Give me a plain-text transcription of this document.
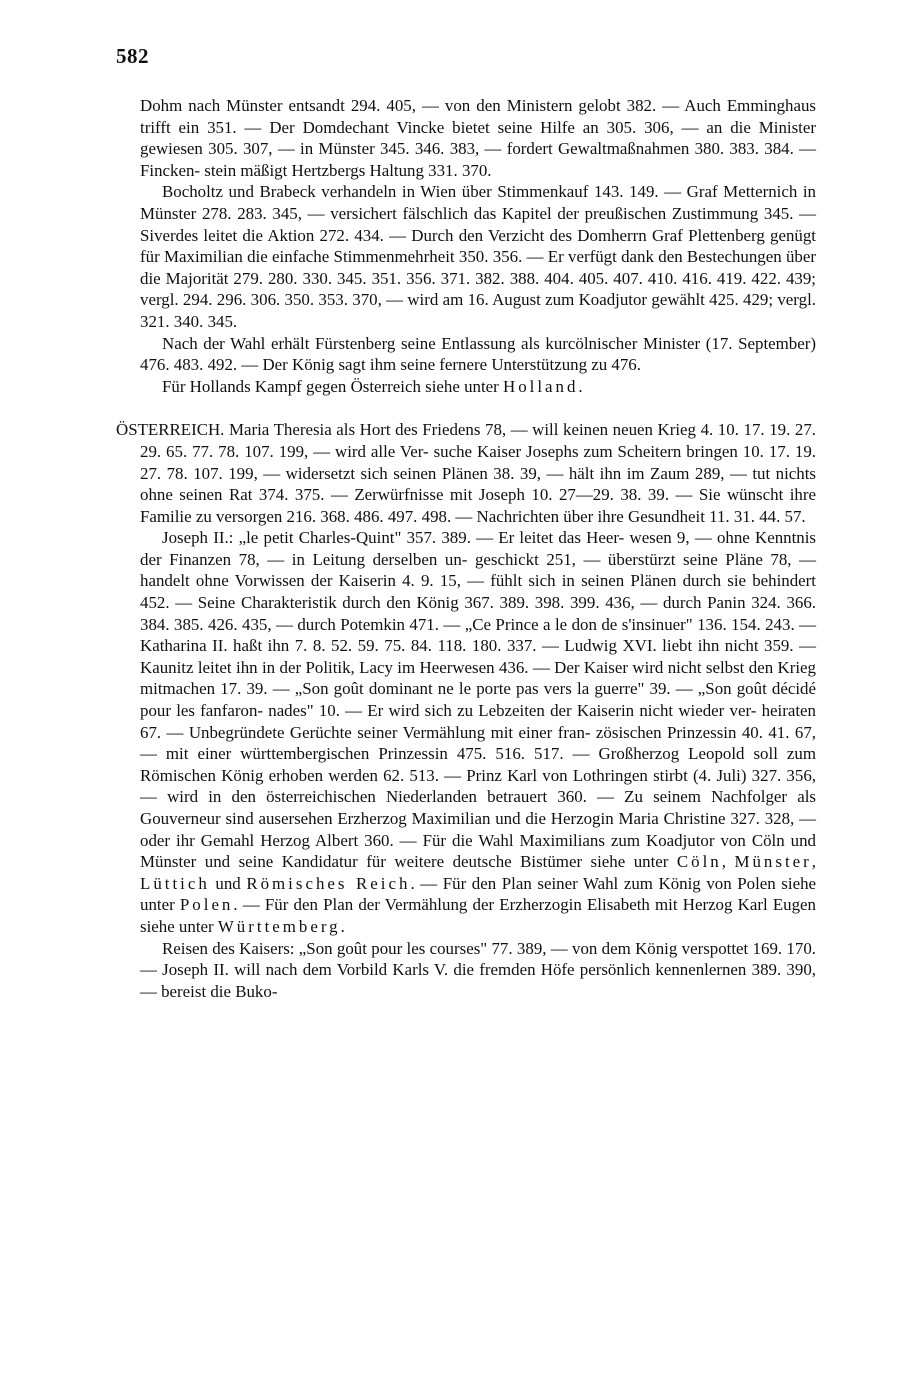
582

Dohm nach Münster entsandt 294. 405, — von den Ministern gelobt 382. — Auch Emminghaus trifft ein 351. — Der Domdechant Vincke bietet seine Hilfe an 305. 306, — an die Minister gewiesen 305. 307, — in Münster 345. 346. 383, — fordert Gewaltmaßnahmen 380. 383. 384. — Fincken- stein mäßigt Hertzbergs Haltung 331. 370.

Bocholtz und Brabeck verhandeln in Wien über Stimmenkauf 143. 149. — Graf Metternich in Münster 278. 283. 345, — versichert fälschlich das Kapitel der preußischen Zustimmung 345. — Siverdes leitet die Aktion 272. 434. — Durch den Verzicht des Domherrn Graf Plettenberg genügt für Maximilian die einfache Stimmenmehrheit 350. 356. — Er verfügt dank den Bestechungen über die Majorität 279. 280. 330. 345. 351. 356. 371. 382. 388. 404. 405. 407. 410. 416. 419. 422. 439; vergl. 294. 296. 306. 350. 353. 370, — wird am 16. August zum Koadjutor gewählt 425. 429; vergl. 321. 340. 345.

Nach der Wahl erhält Fürstenberg seine Entlassung als kurcölnischer Minister (17. September) 476. 483. 492. — Der König sagt ihm seine fernere Unterstützung zu 476.

Für Hollands Kampf gegen Österreich siehe unter Holland.

ÖSTERREICH. Maria Theresia als Hort des Friedens 78, — will keinen neuen Krieg 4. 10. 17. 19. 27. 29. 65. 77. 78. 107. 199, — wird alle Ver- suche Kaiser Josephs zum Scheitern bringen 10. 17. 19. 27. 78. 107. 199, — widersetzt sich seinen Plänen 38. 39, — hält ihn im Zaum 289, — tut nichts ohne seinen Rat 374. 375. — Zerwürfnisse mit Joseph 10. 27—29. 38. 39. — Sie wünscht ihre Familie zu versorgen 216. 368. 486. 497. 498. — Nachrichten über ihre Gesundheit 11. 31. 44. 57.

Joseph II.: „le petit Charles-Quint" 357. 389. — Er leitet das Heer- wesen 9, — ohne Kenntnis der Finanzen 78, — in Leitung derselben un- geschickt 251, — überstürzt seine Pläne 78, — handelt ohne Vorwissen der Kaiserin 4. 9. 15, — fühlt sich in seinen Plänen durch sie behindert 452. — Seine Charakteristik durch den König 367. 389. 398. 399. 436, — durch Panin 324. 366. 384. 385. 426. 435, — durch Potemkin 471. — „Ce Prince a le don de s'insinuer" 136. 154. 243. — Katharina II. haßt ihn 7. 8. 52. 59. 75. 84. 118. 180. 337. — Ludwig XVI. liebt ihn nicht 359. — Kaunitz leitet ihn in der Politik, Lacy im Heerwesen 436. — Der Kaiser wird nicht selbst den Krieg mitmachen 17. 39. — „Son goût dominant ne le porte pas vers la guerre" 39. — „Son goût décidé pour les fanfaron- nades" 10. — Er wird sich zu Lebzeiten der Kaiserin nicht wieder ver- heiraten 67. — Unbegründete Gerüchte seiner Vermählung mit einer fran- zösischen Prinzessin 40. 41. 67, — mit einer württembergischen Prinzessin 475. 516. 517. — Großherzog Leopold soll zum Römischen König erhoben werden 62. 513. — Prinz Karl von Lothringen stirbt (4. Juli) 327. 356, — wird in den österreichischen Niederlanden betrauert 360. — Zu seinem Nachfolger als Gouverneur sind ausersehen Erzherzog Maximilian und die Herzogin Maria Christine 327. 328, — oder ihr Gemahl Herzog Albert 360. — Für die Wahl Maximilians zum Koadjutor von Cöln und Münster und seine Kandidatur für weitere deutsche Bistümer siehe unter Cöln, Münster, Lüttich und Römisches Reich. — Für den Plan seiner Wahl zum König von Polen siehe unter Polen. — Für den Plan der Vermählung der Erzherzogin Elisabeth mit Herzog Karl Eugen siehe unter Württemberg.

Reisen des Kaisers: „Son goût pour les courses" 77. 389, — von dem König verspottet 169. 170. — Joseph II. will nach dem Vorbild Karls V. die fremden Höfe persönlich kennenlernen 389. 390, — bereist die Buko-
